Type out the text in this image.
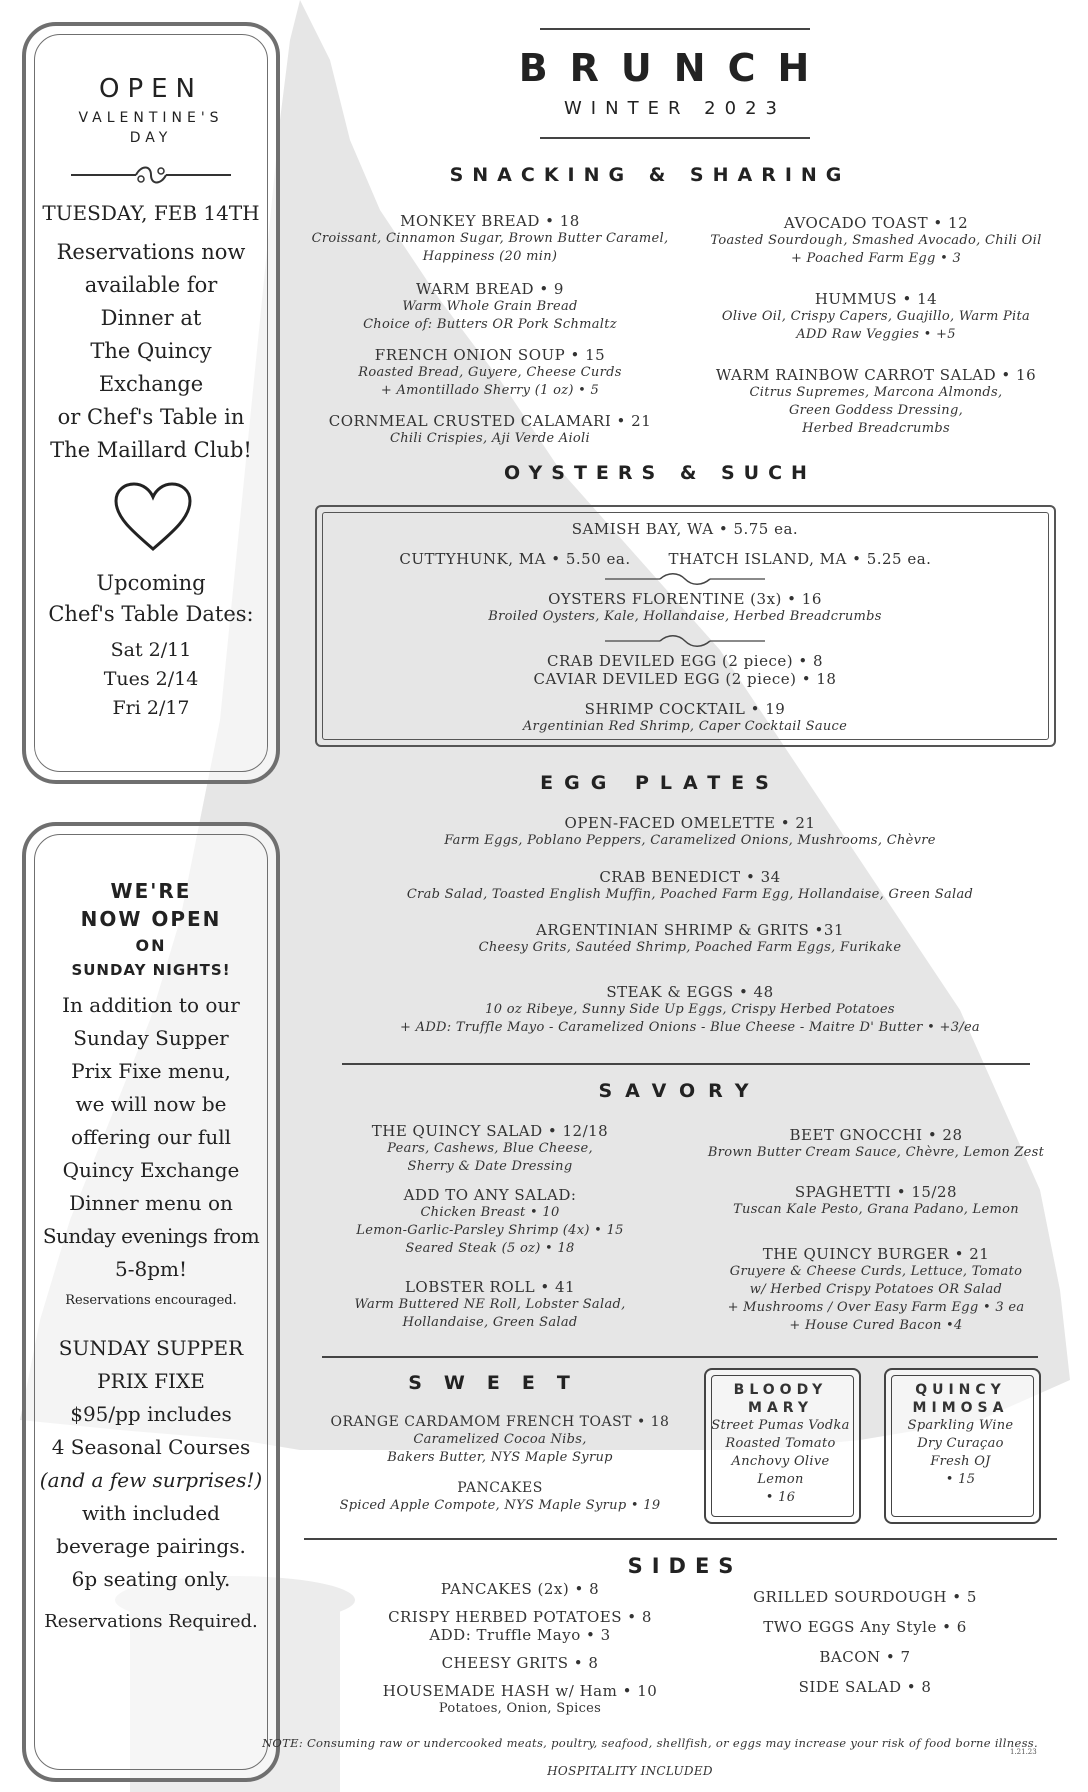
OPEN
VALENTINE'S
DAY
TUESDAY, FEB 14TH
Reservations now
available for
Dinner at
The Quincy
Exchange
or Chef's Table in
The Maillard Club!
Upcoming
Chef's Table Dates:
Sat 2/11
Tues 2/14
Fri 2/17
WE'RE
NOW OPEN
ON
SUNDAY NIGHTS!
In addition to our
Sunday Supper
Prix Fixe menu,
we will now be
offering our full
Quincy Exchange
Dinner menu on
Sunday evenings from
5-8pm!
Reservations encouraged.
SUNDAY SUPPER
PRIX FIXE
$95/pp includes
4 Seasonal Courses
(and a few surprises!)
with included
beverage pairings.
6p seating only.
Reservations Required.
BRUNCH
WINTER 2023
SNACKING & SHARING
MONKEY BREAD • 18
Croissant, Cinnamon Sugar, Brown Butter Caramel,
Happiness (20 min)
WARM BREAD • 9
Warm Whole Grain Bread
Choice of: Butters OR Pork Schmaltz
FRENCH ONION SOUP • 15
Roasted Bread, Guyere, Cheese Curds
+ Amontillado Sherry (1 oz) • 5
CORNMEAL CRUSTED CALAMARI • 21
Chili Crispies, Aji Verde Aioli
AVOCADO TOAST • 12
Toasted Sourdough, Smashed Avocado, Chili Oil
+ Poached Farm Egg • 3
HUMMUS • 14
Olive Oil, Crispy Capers, Guajillo, Warm Pita
ADD Raw Veggies • +5
WARM RAINBOW CARROT SALAD • 16
Citrus Supremes, Marcona Almonds,
Green Goddess Dressing,
Herbed Breadcrumbs
OYSTERS & SUCH
SAMISH BAY, WA • 5.75 ea.
CUTTYHUNK, MA • 5.50 ea.	THATCH ISLAND, MA • 5.25 ea.
OYSTERS FLORENTINE (3x) • 16
Broiled Oysters, Kale, Hollandaise, Herbed Breadcrumbs
CRAB DEVILED EGG (2 piece) • 8
CAVIAR DEVILED EGG (2 piece) • 18
SHRIMP COCKTAIL • 19
Argentinian Red Shrimp, Caper Cocktail Sauce
EGG PLATES
OPEN-FACED OMELETTE • 21
Farm Eggs, Poblano Peppers, Caramelized Onions, Mushrooms, Chèvre
CRAB BENEDICT • 34
Crab Salad, Toasted English Muffin, Poached Farm Egg, Hollandaise, Green Salad
ARGENTINIAN SHRIMP & GRITS •31
Cheesy Grits, Sautéed Shrimp, Poached Farm Eggs, Furikake
STEAK & EGGS • 48
10 oz Ribeye, Sunny Side Up Eggs, Crispy Herbed Potatoes
+ ADD: Truffle Mayo - Caramelized Onions - Blue Cheese - Maitre D' Butter • +3/ea
SAVORY
THE QUINCY SALAD • 12/18
Pears, Cashews, Blue Cheese,
Sherry & Date Dressing
ADD TO ANY SALAD:
Chicken Breast • 10
Lemon-Garlic-Parsley Shrimp (4x) • 15
Seared Steak (5 oz) • 18
LOBSTER ROLL • 41
Warm Buttered NE Roll, Lobster Salad,
Hollandaise, Green Salad
BEET GNOCCHI • 28
Brown Butter Cream Sauce, Chèvre, Lemon Zest
SPAGHETTI • 15/28
Tuscan Kale Pesto, Grana Padano, Lemon
THE QUINCY BURGER • 21
Gruyere & Cheese Curds, Lettuce, Tomato
w/ Herbed Crispy Potatoes OR Salad
+ Mushrooms / Over Easy Farm Egg • 3 ea
+ House Cured Bacon •4
SWEET
ORANGE CARDAMOM FRENCH TOAST • 18
Caramelized Cocoa Nibs,
Bakers Butter, NYS Maple Syrup
PANCAKES
Spiced Apple Compote, NYS Maple Syrup • 19
BLOODY
MARY
Street Pumas Vodka
Roasted Tomato
Anchovy Olive
Lemon
• 16
QUINCY
MIMOSA
Sparkling Wine
Dry Curaçao
Fresh OJ
• 15
SIDES
PANCAKES (2x) • 8
CRISPY HERBED POTATOES • 8
ADD: Truffle Mayo • 3
CHEESY GRITS • 8
HOUSEMADE HASH w/ Ham • 10
Potatoes, Onion, Spices
GRILLED SOURDOUGH • 5
TWO EGGS Any Style • 6
BACON • 7
SIDE SALAD • 8
NOTE: Consuming raw or undercooked meats, poultry, seafood, shellfish, or eggs may increase your risk of food borne illness.
1.21.23
HOSPITALITY INCLUDED
